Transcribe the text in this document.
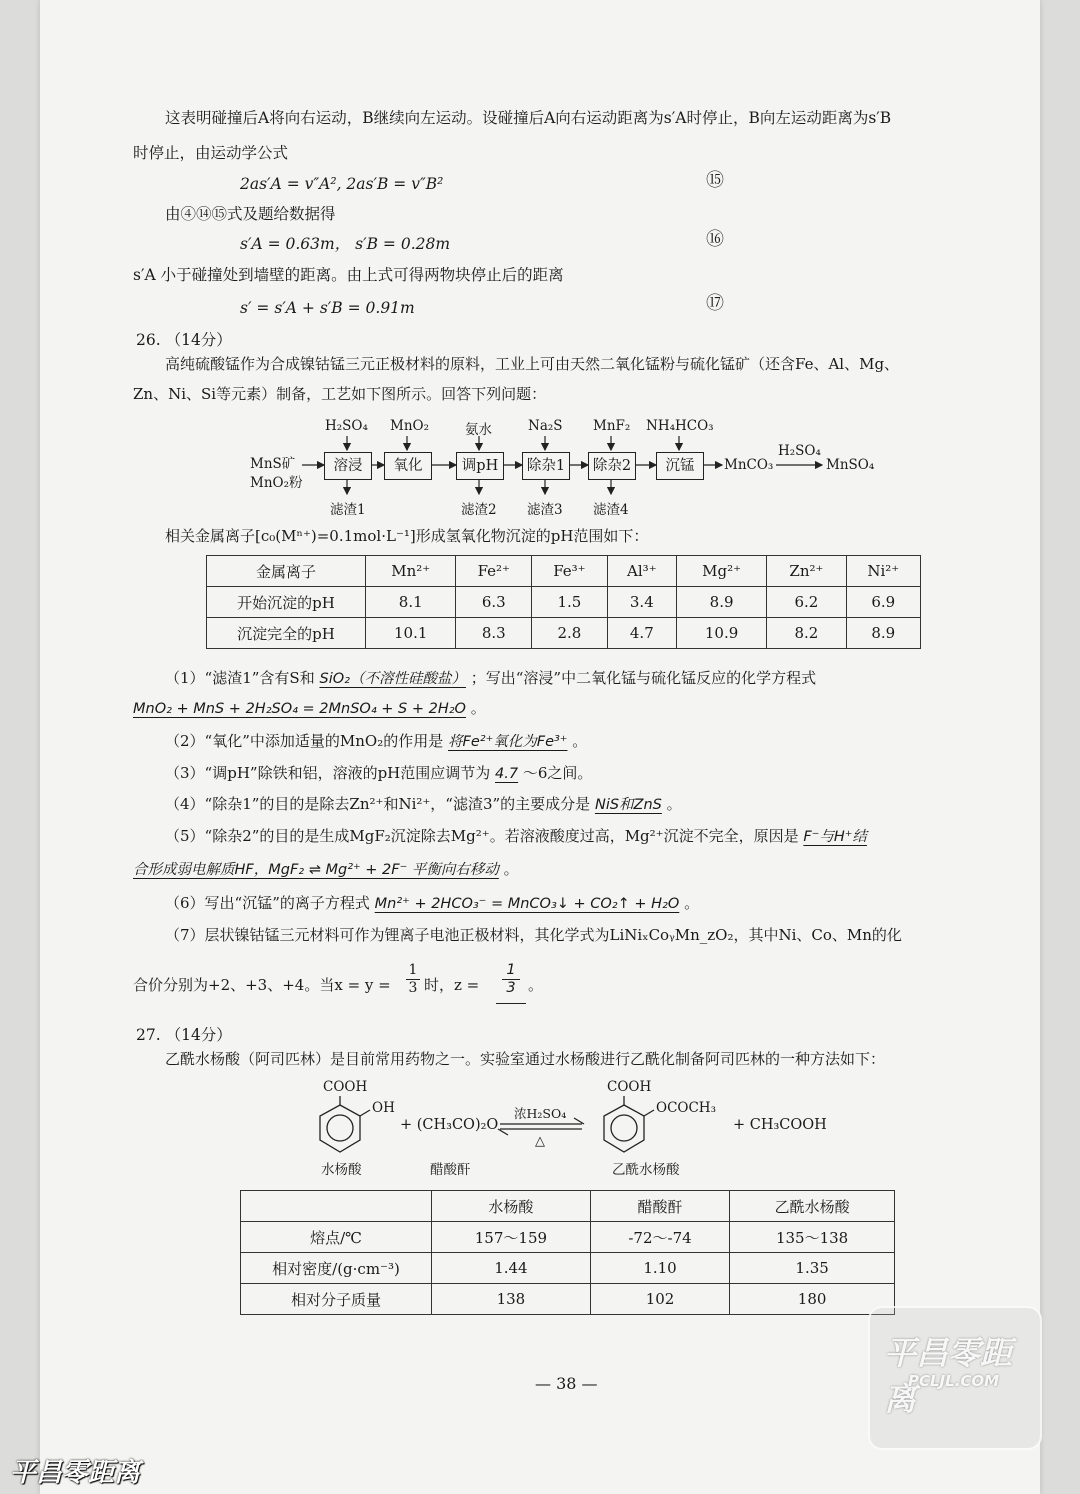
这表明碰撞后A将向右运动，B继续向左运动。设碰撞后A向右运动距离为s′A时停止，B向左运动距离为s′B
时停止，由运动学公式
2as′A = v″A², 2as′B = v″B²	⑮
由④⑭⑮式及题给数据得
s′A = 0.63m， s′B = 0.28m	⑯
s′A 小于碰撞处到墙壁的距离。由上式可得两物块停止后的距离
s′ = s′A + s′B = 0.91m	⑰
26. （14分）
高纯硫酸锰作为合成镍钴锰三元正极材料的原料，工业上可由天然二氧化锰粉与硫化锰矿（还含Fe、Al、Mg、
Zn、Ni、Si等元素）制备，工艺如下图所示。回答下列问题：
MnS矿
MnO₂粉
溶浸	氧化	调pH	除杂1	除杂2	沉锰
H₂SO₄ MnO₂	氨水	Na₂S MnF₂ NH₄HCO₃
滤渣1	滤渣2 滤渣3 滤渣4
MnCO₃
H₂SO₄
MnSO₄
相关金属离子[c₀(Mⁿ⁺)=0.1mol·L⁻¹]形成氢氧化物沉淀的pH范围如下：
金属离子	Mn²⁺	Fe²⁺	Fe³⁺	Al³⁺	Mg²⁺	Zn²⁺	Ni²⁺
开始沉淀的pH	8.1	6.3	1.5	3.4	8.9	6.2	6.9
沉淀完全的pH	10.1	8.3	2.8	4.7	10.9	8.2	8.9
（1）“滤渣1”含有S和 SiO₂（不溶性硅酸盐） ；写出“溶浸”中二氧化锰与硫化锰反应的化学方程式
MnO₂ + MnS + 2H₂SO₄ = 2MnSO₄ + S + 2H₂O 。
（2）“氧化”中添加适量的MnO₂的作用是 将Fe²⁺氧化为Fe³⁺ 。
（3）“调pH”除铁和铝，溶液的pH范围应调节为 4.7 ～6之间。
（4）“除杂1”的目的是除去Zn²⁺和Ni²⁺，“滤渣3”的主要成分是 NiS和ZnS 。
（5）“除杂2”的目的是生成MgF₂沉淀除去Mg²⁺。若溶液酸度过高，Mg²⁺沉淀不完全，原因是 F⁻与H⁺结
合形成弱电解质HF，MgF₂ ⇌ Mg²⁺ + 2F⁻ 平衡向右移动 。
（6）写出“沉锰”的离子方程式 Mn²⁺ + 2HCO₃⁻ = MnCO₃↓ + CO₂↑ + H₂O 。
（7）层状镍钴锰三元材料可作为锂离子电池正极材料，其化学式为LiNiₓCoᵧMn_zO₂，其中Ni、Co、Mn的化
合价分别为+2、+3、+4。当$x = y = \frac{1}{3}$ 时，$z = \frac{1}{3}$ 。
27. （14分）
乙酰水杨酸（阿司匹林）是目前常用药物之一。实验室通过水杨酸进行乙酰化制备阿司匹林的一种方法如下：
COOH
OH
水杨酸
+ (CH₃CO)₂O
醋酸酐
浓H₂SO₄
△
COOH
OCOCH₃
乙酰水杨酸
+ CH₃COOH
	水杨酸	醋酸酐	乙酰水杨酸
熔点/℃	157～159	-72～-74	135～138
相对密度/(g·cm⁻³)	1.44	1.10	1.35
相对分子质量	138	102	180
— 38 —
平昌零距离
PCLJL.COM
平昌零距离
